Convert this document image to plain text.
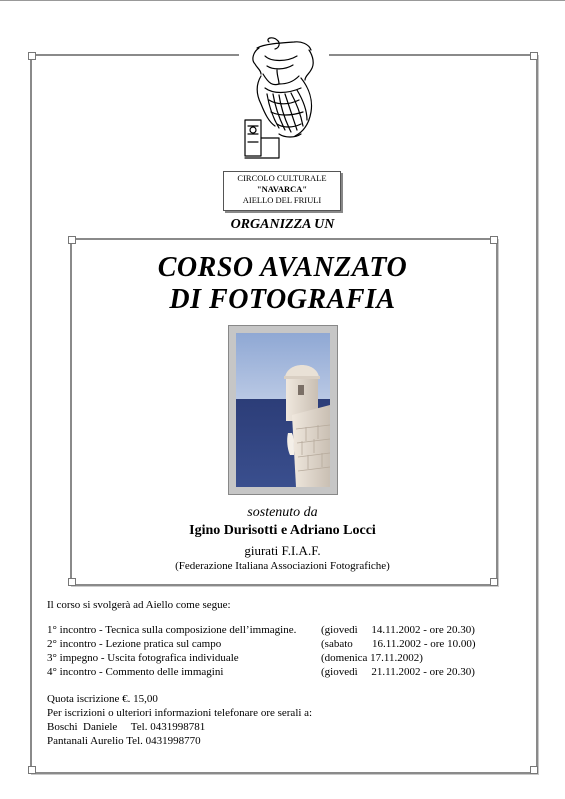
CIRCOLO CULTURALE
"NAVARCA"
AIELLO DEL FRIULI
ORGANIZZA UN
CORSO AVANZATO
DI FOTOGRAFIA
sostenuto da
Igino Durisotti e Adriano Locci
giurati F.I.A.F.
(Federazione Italiana Associazioni Fotografiche)
Il corso si svolgerà ad Aiello come segue:
1° incontro - Tecnica sulla composizione dell’immagine. (giovedì     14.11.2002 - ore 20.30)
2° incontro - Lezione pratica sul campo	(sabato       16.11.2002 - ore 10.00)
3° impegno - Uscita fotografica individuale	(domenica 17.11.2002)
4° incontro - Commento delle immagini	(giovedì     21.11.2002 - ore 20.30)
Quota iscrizione €. 15,00
Per iscrizioni o ulteriori informazioni telefonare ore serali a:
Boschi  Daniele     Tel. 0431998781
Pantanali Aurelio Tel. 0431998770
